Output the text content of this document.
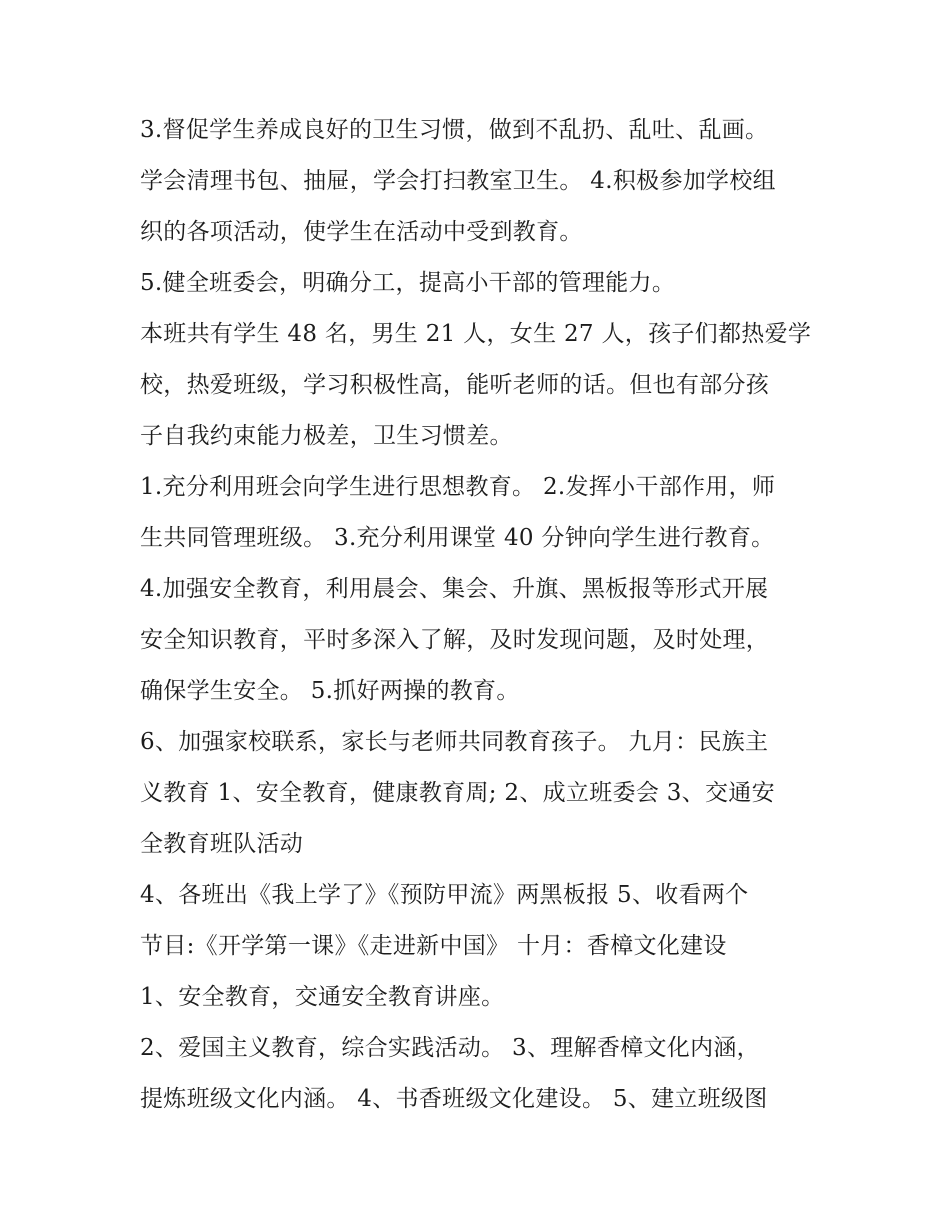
3.督促学生养成良好的卫生习惯，做到不乱扔、乱吐、乱画。
学会清理书包、抽屉，学会打扫教室卫生。 4.积极参加学校组
织的各项活动，使学生在活动中受到教育。
5.健全班委会，明确分工，提高小干部的管理能力。
本班共有学生 48 名，男生 21 人，女生 27 人，孩子们都热爱学
校，热爱班级，学习积极性高，能听老师的话。但也有部分孩
子自我约束能力极差，卫生习惯差。
1.充分利用班会向学生进行思想教育。 2.发挥小干部作用，师
生共同管理班级。 3.充分利用课堂 40 分钟向学生进行教育。
4.加强安全教育，利用晨会、集会、升旗、黑板报等形式开展
安全知识教育，平时多深入了解，及时发现问题，及时处理，
确保学生安全。 5.抓好两操的教育。
6、加强家校联系，家长与老师共同教育孩子。 九月：民族主
义教育 1、安全教育，健康教育周; 2、成立班委会 3、交通安
全教育班队活动
4、各班出《我上学了》《预防甲流》两黑板报 5、收看两个
节目:《开学第一课》《走进新中国》 十月：香樟文化建设
1、安全教育，交通安全教育讲座。
2、爱国主义教育，综合实践活动。 3、理解香樟文化内涵，
提炼班级文化内涵。 4、书香班级文化建设。 5、建立班级图
